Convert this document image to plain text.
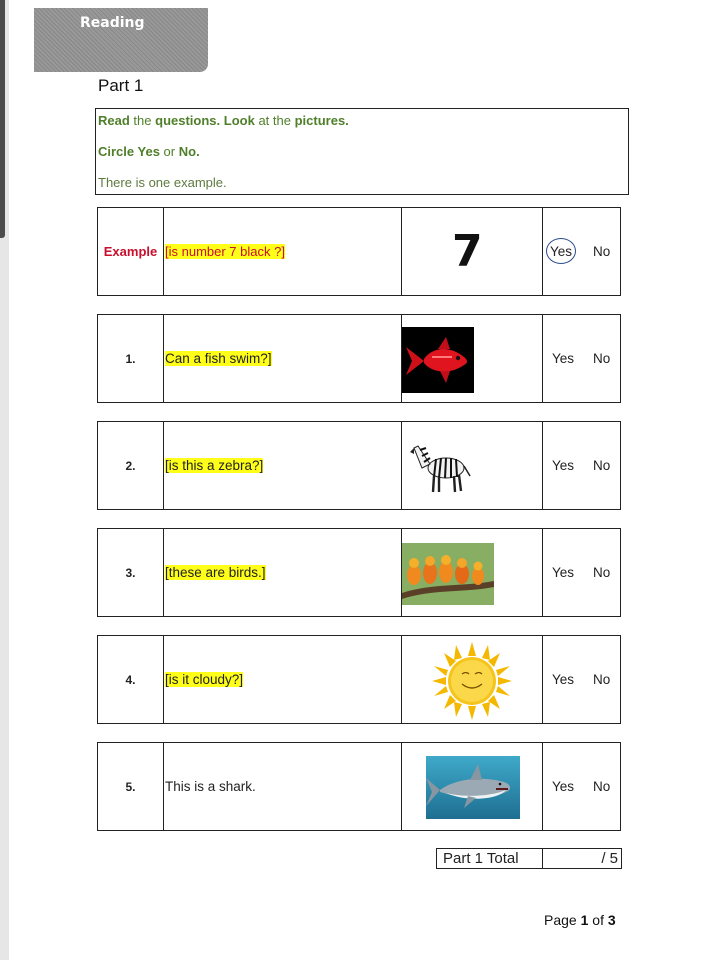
Reading
Part 1
Read the questions. Look at the pictures.
Circle Yes or No.
There is one example.
Example [is number 7 black ?]	7	Yes No
1.	Can a fish swim?]	Yes No
2.	[is this a zebra?]	Yes No
3.	[these are birds.]	Yes No
4.	[is it cloudy?]	Yes No
5.	This is a shark.	Yes No
Part 1 Total	/ 5
Page 1 of 3
